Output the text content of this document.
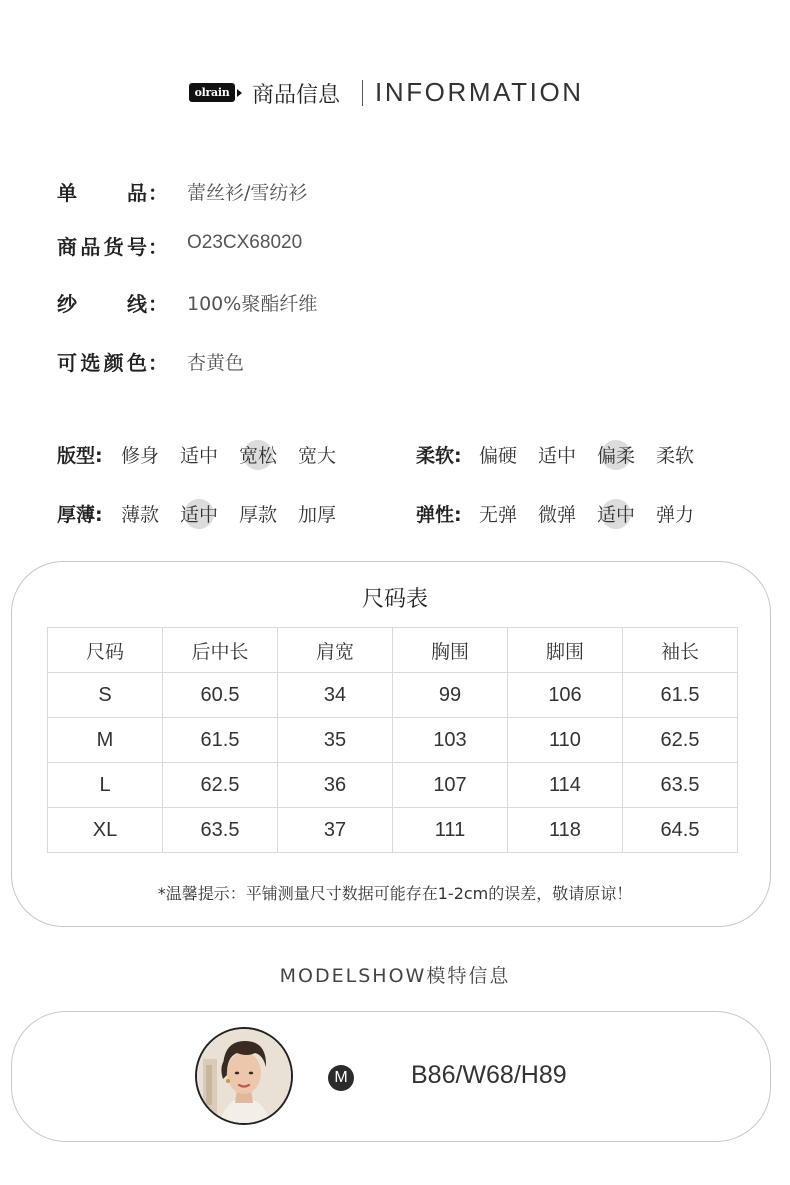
olrain 商品信息 INFORMATION
单品 ： 蕾丝衫/雪纺衫
商品货号 ： O23CX68020
纱线 ： 100%聚酯纤维
可选颜色 ： 杏黄色
版型: 修身 适中 宽松 宽大	柔软: 偏硬 适中 偏柔 柔软
厚薄: 薄款 适中 厚款 加厚	弹性: 无弹 微弹 适中 弹力
尺码表
尺码	后中长	肩宽	胸围	脚围	袖长
S	60.5	34	99	106	61.5
M	61.5	35	103	110	62.5
L	62.5	36	107	114	63.5
XL	63.5	37	111	118	64.5
*温馨提示：平铺测量尺寸数据可能存在1-2cm的误差，敬请原谅！
MODELSHOW模特信息
M	B86/W68/H89
